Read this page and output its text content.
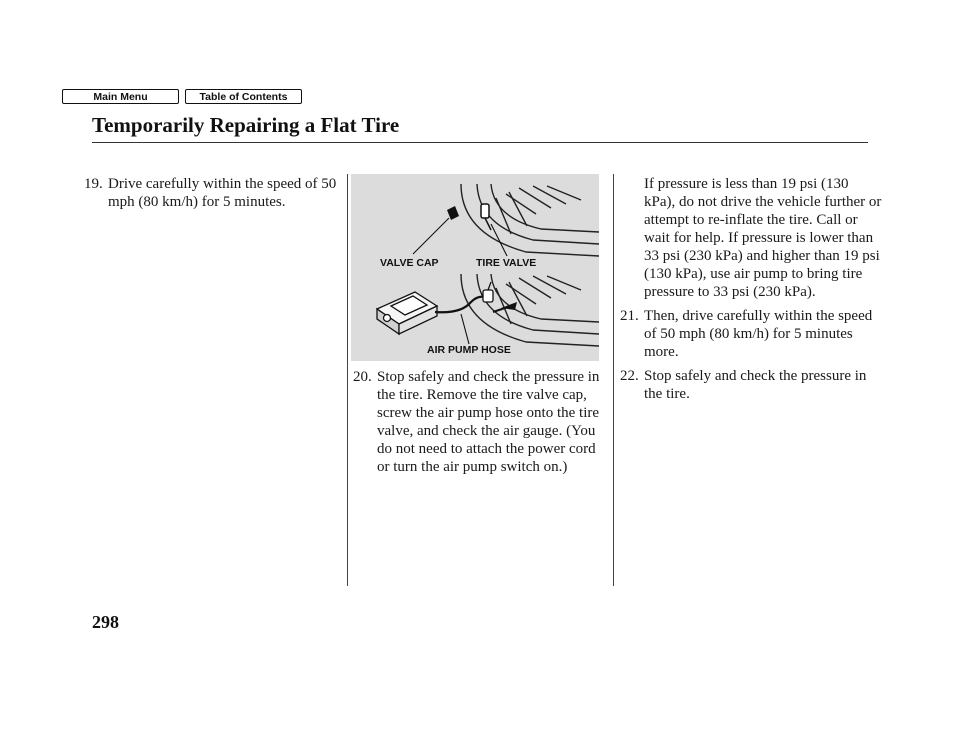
Main Menu	Table of Contents
Temporarily Repairing a Flat Tire

19. Drive carefully within the speed of 50 mph (80 km/h) for 5 minutes.

VALVE CAP	TIRE VALVE
AIR PUMP HOSE

20. Stop safely and check the pressure in the tire. Remove the tire valve cap, screw the air pump hose onto the tire valve, and check the air gauge. (You do not need to attach the power cord or turn the air pump switch on.)

If pressure is less than 19 psi (130 kPa), do not drive the vehicle further or attempt to re-inflate the tire. Call or wait for help. If pressure is lower than 33 psi (230 kPa) and higher than 19 psi (130 kPa), use air pump to bring tire pressure to 33 psi (230 kPa).

21. Then, drive carefully within the speed of 50 mph (80 km/h) for 5 minutes more.

22. Stop safely and check the pressure in the tire.

298
